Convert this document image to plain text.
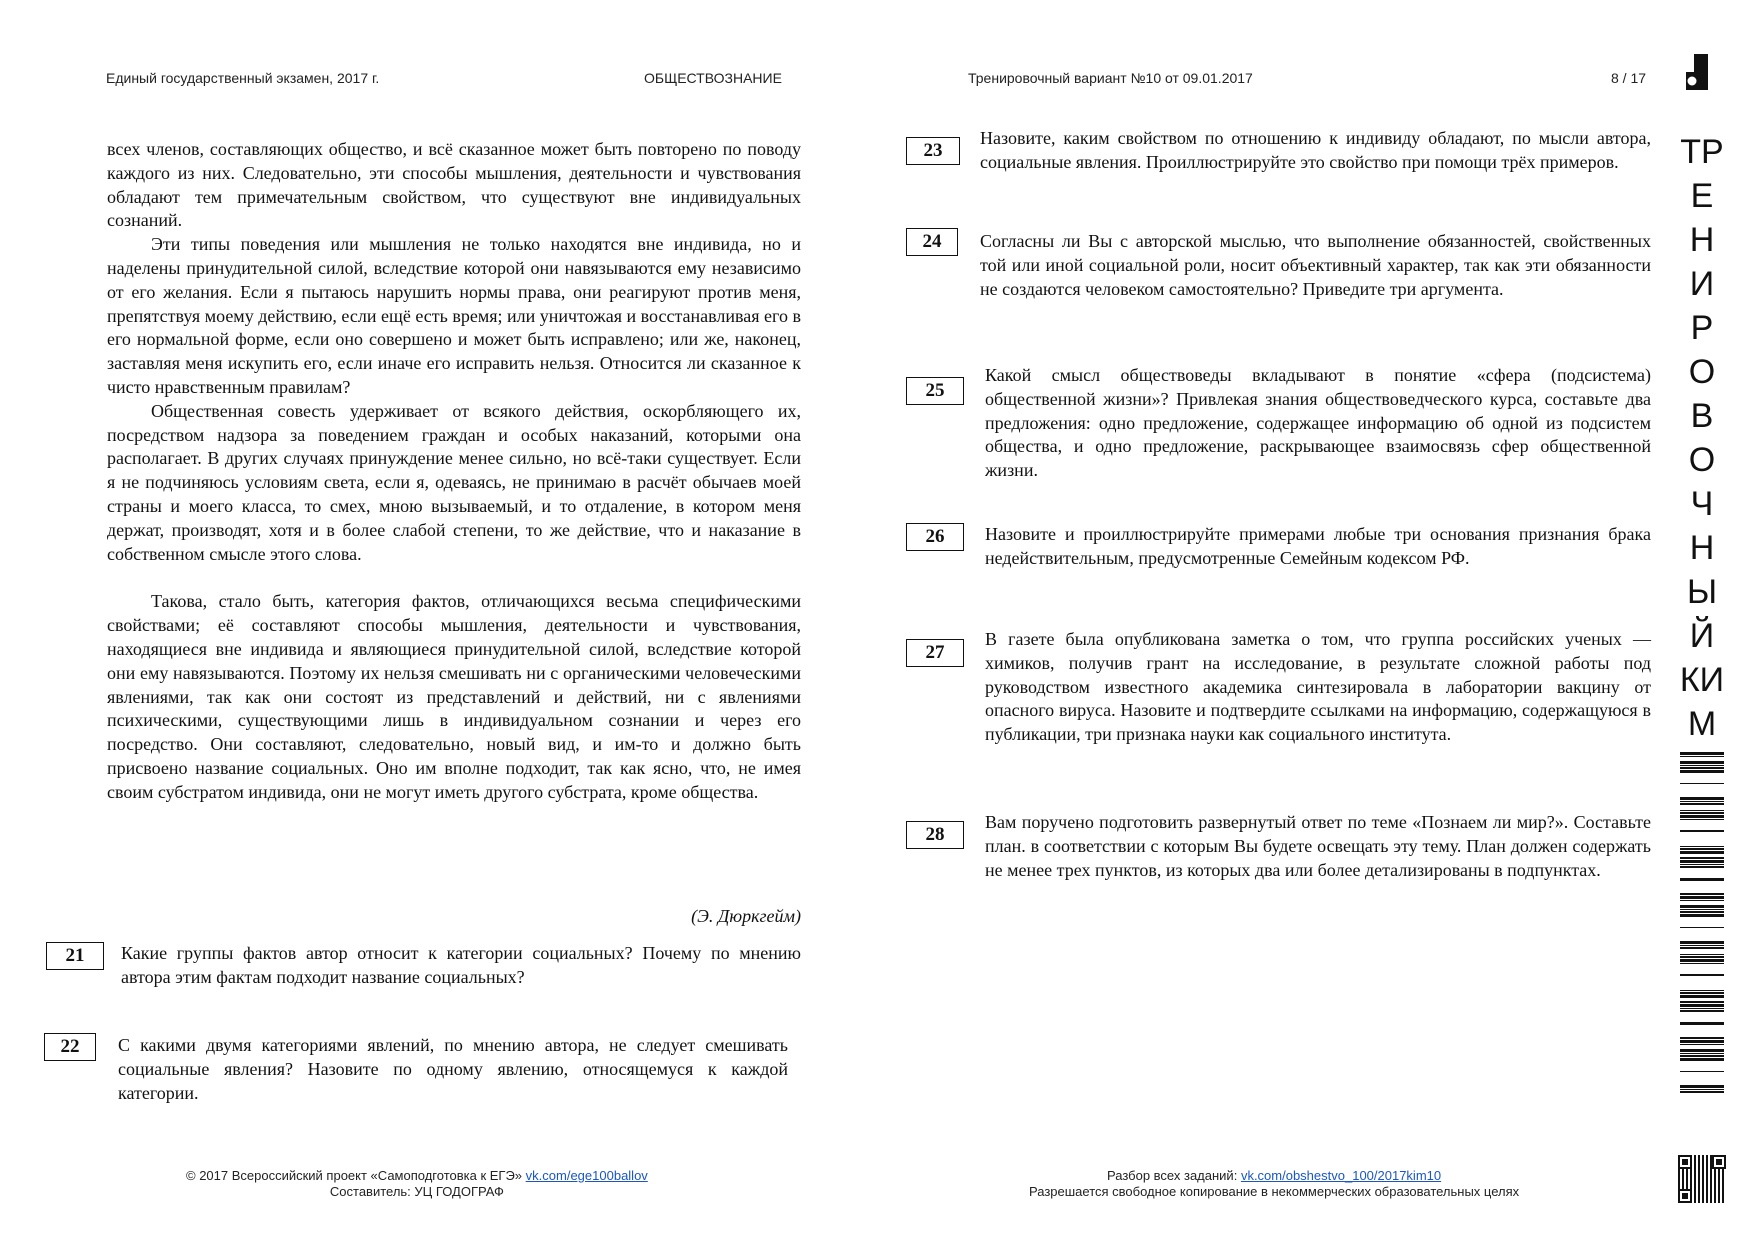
Единый государственный экзамен, 2017 г.	ОБЩЕСТВОЗНАНИЕ	Тренировочный вариант №10 от 09.01.2017	8 / 17

всех членов, составляющих общество, и всё сказанное может быть повторено по поводу каждого из них. Следовательно, эти способы мышления, деятельности и чувствования обладают тем примечательным свойством, что существуют вне индивидуальных сознаний.

Эти типы поведения или мышления не только находятся вне индивида, но и наделены принудительной силой, вследствие которой они навязываются ему независимо от его желания. Если я пытаюсь нарушить нормы права, они реагируют против меня, препятствуя моему действию, если ещё есть время; или уничтожая и восстанавливая его в его нормальной форме, если оно совершено и может быть исправлено; или же, наконец, заставляя меня искупить его, если иначе его исправить нельзя. Относится ли сказанное к чисто нравственным правилам?

Общественная совесть удерживает от всякого действия, оскорбляющего их, посредством надзора за поведением граждан и особых наказаний, которыми она располагает. В других случаях принуждение менее сильно, но всё-таки существует. Если я не подчиняюсь условиям света, если я, одеваясь, не принимаю в расчёт обычаев моей страны и моего класса, то смех, мною вызываемый, и то отдаление, в котором меня держат, производят, хотя и в более слабой степени, то же действие, что и наказание в собственном смысле этого слова.

Такова, стало быть, категория фактов, отличающихся весьма специфическими свойствами; её составляют способы мышления, деятельности и чувствования, находящиеся вне индивида и являющиеся принудительной силой, вследствие которой они ему навязываются. Поэтому их нельзя смешивать ни с органическими человеческими явлениями, так как они состоят из представлений и действий, ни с явлениями психическими, существующими лишь в индивидуальном сознании и через его посредство. Они составляют, следовательно, новый вид, и им-то и должно быть присвоено название социальных. Оно им вполне подходит, так как ясно, что, не имея своим субстратом индивида, они не могут иметь другого субстрата, кроме общества.

(Э. Дюркгейм)
21	Какие группы фактов автор относит к категории социальных? Почему по мнению автора этим фактам подходит название социальных?
22	С какими двумя категориями явлений, по мнению автора, не следует смешивать социальные явления? Назовите по одному явлению, относящемуся к каждой категории.
23
Назовите, каким свойством по отношению к индивиду обладают, по мысли автора, социальные явления. Проиллюстрируйте это свойство при помощи трёх примеров.
24	Согласны ли Вы с авторской мыслью, что выполнение обязанностей, свойственных той или иной социальной роли, носит объективный характер, так как эти обязанности не создаются человеком самостоятельно? Приведите три аргумента.
25
Какой смысл обществоведы вкладывают в понятие «сфера (подсистема) общественной жизни»? Привлекая знания обществоведческого курса, составьте два предложения: одно предложение, содержащее информацию об одной из подсистем общества, и одно предложение, раскрывающее взаимосвязь сфер общественной жизни.
26	Назовите и проиллюстрируйте примерами любые три основания признания брака недействительным, предусмотренные Семейным кодексом РФ.
27
В газете была опубликована заметка о том, что группа российских ученых — химиков, получив грант на исследование, в результате сложной работы под руководством известного академика синтезировала в лаборатории вакцину от опасного вируса. Назовите и подтвердите ссылками на информацию, содержащуюся в публикации, три признака науки как социального института.
28
Вам поручено подготовить развернутый ответ по теме «Познаем ли мир?». Составьте план. в соответствии с которым Вы будете освещать эту тему. План должен содержать не менее трех пунктов, из которых два или более детализированы в подпунктах.
ТР
Е
Н
И
Р
О
В
О
Ч
Н
Ы
Й
КИ
М
© 2017 Всероссийский проект «Самоподготовка к ЕГЭ» vk.com/ege100ballov
Составитель: УЦ ГОДОГРАФ
Разбор всех заданий: vk.com/obshestvo_100/2017kim10
Разрешается свободное копирование в некоммерческих образовательных целях
